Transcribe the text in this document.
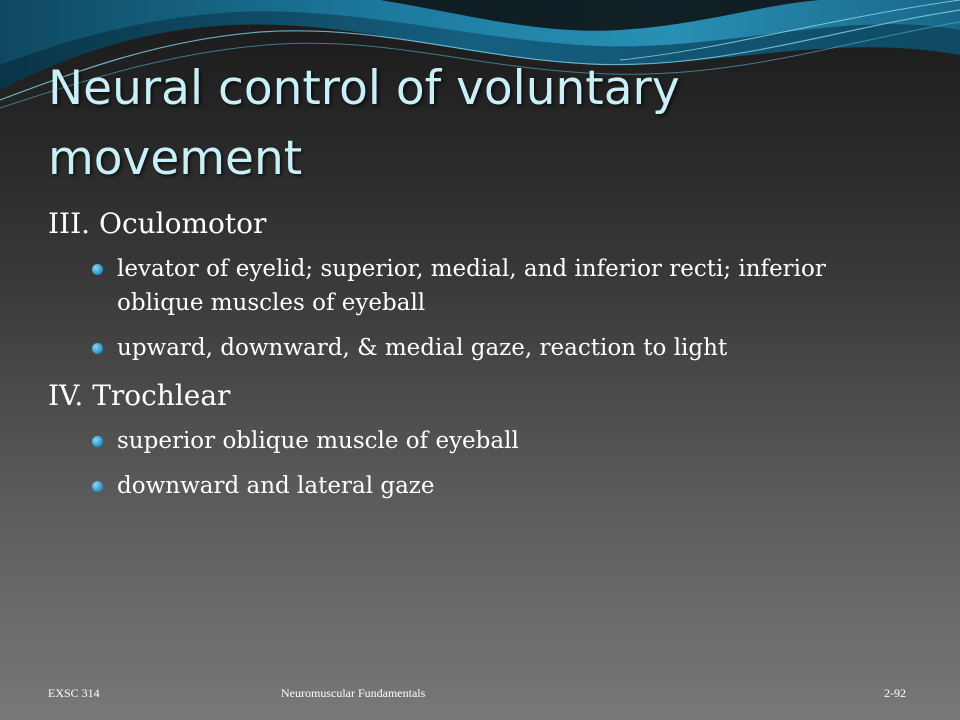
Neural control of voluntary movement

III. Oculomotor

levator of eyelid; superior, medial, and inferior recti; inferior oblique muscles of eyeball
upward, downward, & medial gaze, reaction to light

IV. Trochlear

superior oblique muscle of eyeball
downward and lateral gaze
EXSC 314	Neuromuscular Fundamentals	2-92
